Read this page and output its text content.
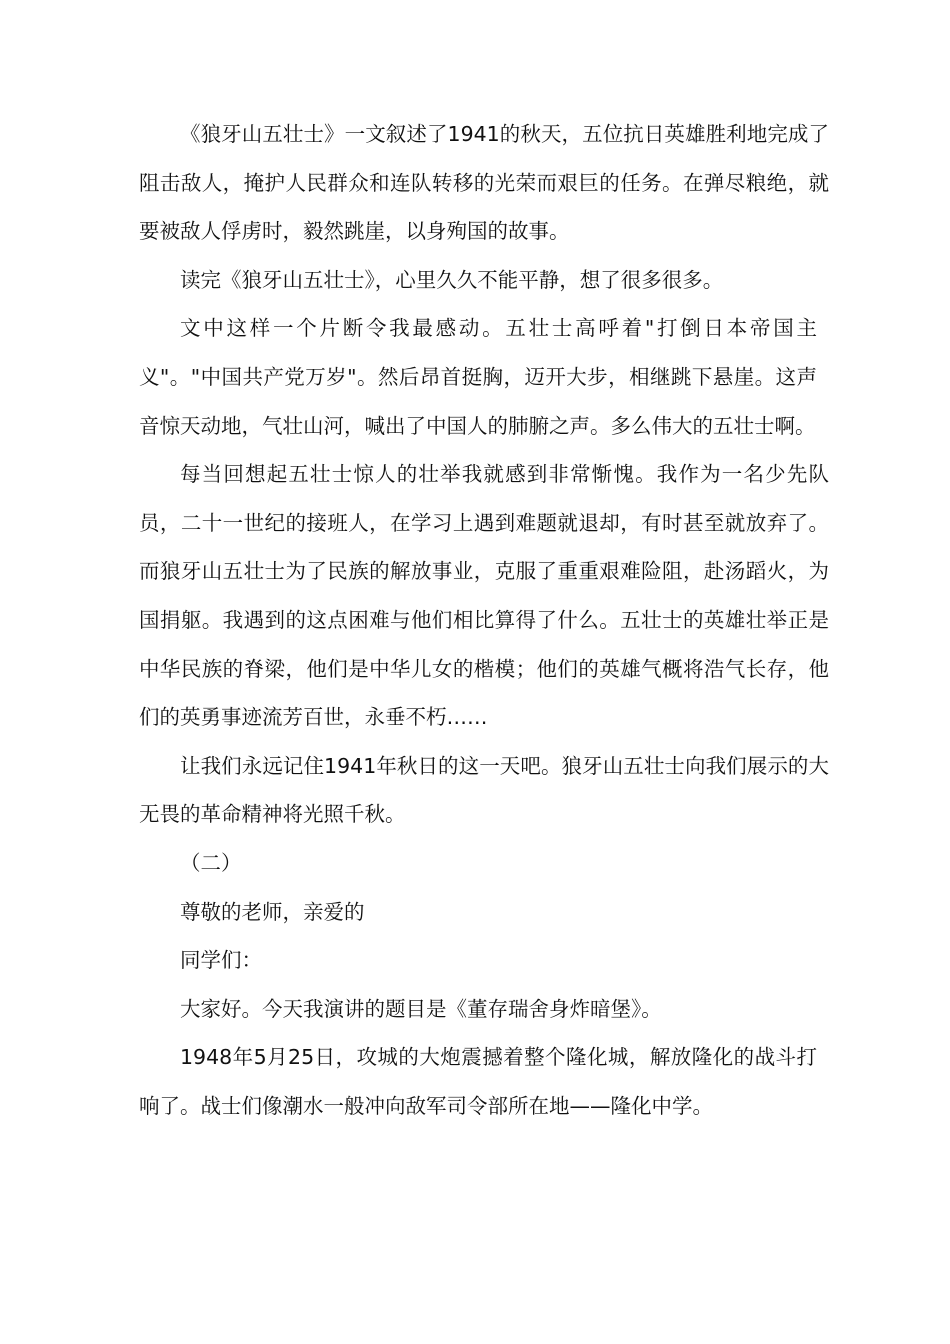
《狼牙山五壮士》一文叙述了1941的秋天，五位抗日英雄胜利地完成了阻击敌人，掩护人民群众和连队转移的光荣而艰巨的任务。在弹尽粮绝，就要被敌人俘虏时，毅然跳崖，以身殉国的故事。

读完《狼牙山五壮士》，心里久久不能平静，想了很多很多。

文中这样一个片断令我最感动。五壮士高呼着"打倒日本帝国主义"。"中国共产党万岁"。然后昂首挺胸，迈开大步，相继跳下悬崖。这声音惊天动地，气壮山河，喊出了中国人的肺腑之声。多么伟大的五壮士啊。

每当回想起五壮士惊人的壮举我就感到非常惭愧。我作为一名少先队员，二十一世纪的接班人，在学习上遇到难题就退却，有时甚至就放弃了。而狼牙山五壮士为了民族的解放事业，克服了重重艰难险阻，赴汤蹈火，为国捐躯。我遇到的这点困难与他们相比算得了什么。五壮士的英雄壮举正是中华民族的脊梁，他们是中华儿女的楷模；他们的英雄气概将浩气长存，他们的英勇事迹流芳百世，永垂不朽……

让我们永远记住1941年秋日的这一天吧。狼牙山五壮士向我们展示的大无畏的革命精神将光照千秋。

（二）

尊敬的老师，亲爱的

同学们：

大家好。今天我演讲的题目是《董存瑞舍身炸暗堡》。

1948年5月25日，攻城的大炮震撼着整个隆化城，解放隆化的战斗打响了。战士们像潮水一般冲向敌军司令部所在地——隆化中学。
